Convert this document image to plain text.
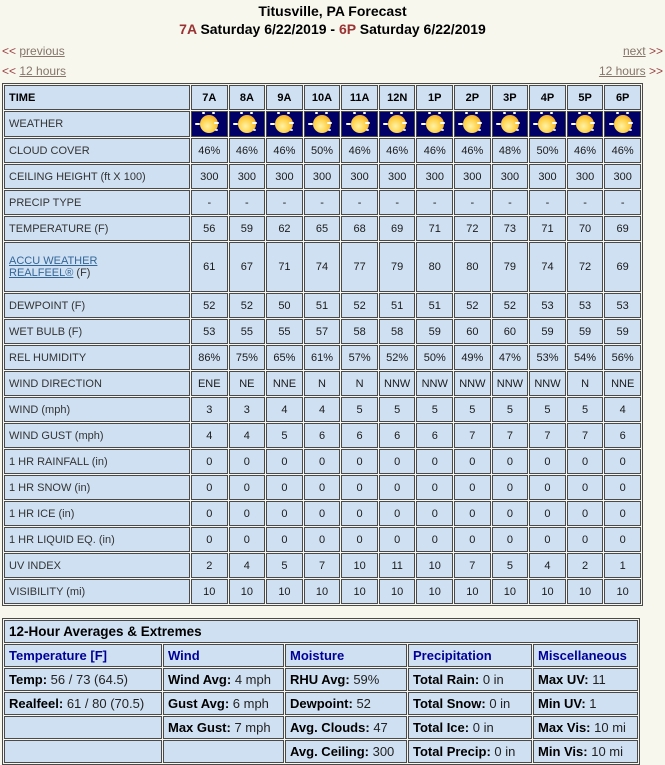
Titusville, PA Forecast
7A Saturday 6/22/2019 - 6P Saturday 6/22/2019
<< previous	next >>
<< 12 hours	12 hours >>
TIME	7A	8A	9A	10A	11A	12N	1P	2P	3P	4P	5P	6P
WEATHER												
CLOUD COVER	46%	46%	46%	50%	46%	46%	46%	46%	48%	50%	46%	46%
CEILING HEIGHT (ft X 100)	300	300	300	300	300	300	300	300	300	300	300	300
PRECIP TYPE	-	-	-	-	-	-	-	-	-	-	-	-
TEMPERATURE (F)	56	59	62	65	68	69	71	72	73	71	70	69
ACCU WEATHER
REALFEEL® (F)	61	67	71	74	77	79	80	80	79	74	72	69
DEWPOINT (F)	52	52	50	51	52	51	51	52	52	53	53	53
WET BULB (F)	53	55	55	57	58	58	59	60	60	59	59	59
REL HUMIDITY	86%	75%	65%	61%	57%	52%	50%	49%	47%	53%	54%	56%
WIND DIRECTION	ENE	NE	NNE	N	N	NNW	NNW	NNW	NNW	NNW	N	NNE
WIND (mph)	3	3	4	4	5	5	5	5	5	5	5	4
WIND GUST (mph)	4	4	5	6	6	6	6	7	7	7	7	6
1 HR RAINFALL (in)	0	0	0	0	0	0	0	0	0	0	0	0
1 HR SNOW (in)	0	0	0	0	0	0	0	0	0	0	0	0
1 HR ICE (in)	0	0	0	0	0	0	0	0	0	0	0	0
1 HR LIQUID EQ. (in)	0	0	0	0	0	0	0	0	0	0	0	0
UV INDEX	2	4	5	7	10	11	10	7	5	4	2	1
VISIBILITY (mi)	10	10	10	10	10	10	10	10	10	10	10	10
12-Hour Averages & Extremes				
Temperature [F]	Wind	Moisture	Precipitation	Miscellaneous
Temp: 56 / 73 (64.5)	Wind Avg: 4 mph	RHU Avg: 59%	Total Rain: 0 in	Max UV: 11
Realfeel: 61 / 80 (70.5)	Gust Avg: 6 mph	Dewpoint: 52	Total Snow: 0 in	Min UV: 1
	Max Gust: 7 mph	Avg. Clouds: 47	Total Ice: 0 in	Max Vis: 10 mi
		Avg. Ceiling: 300	Total Precip: 0 in	Min Vis: 10 mi
